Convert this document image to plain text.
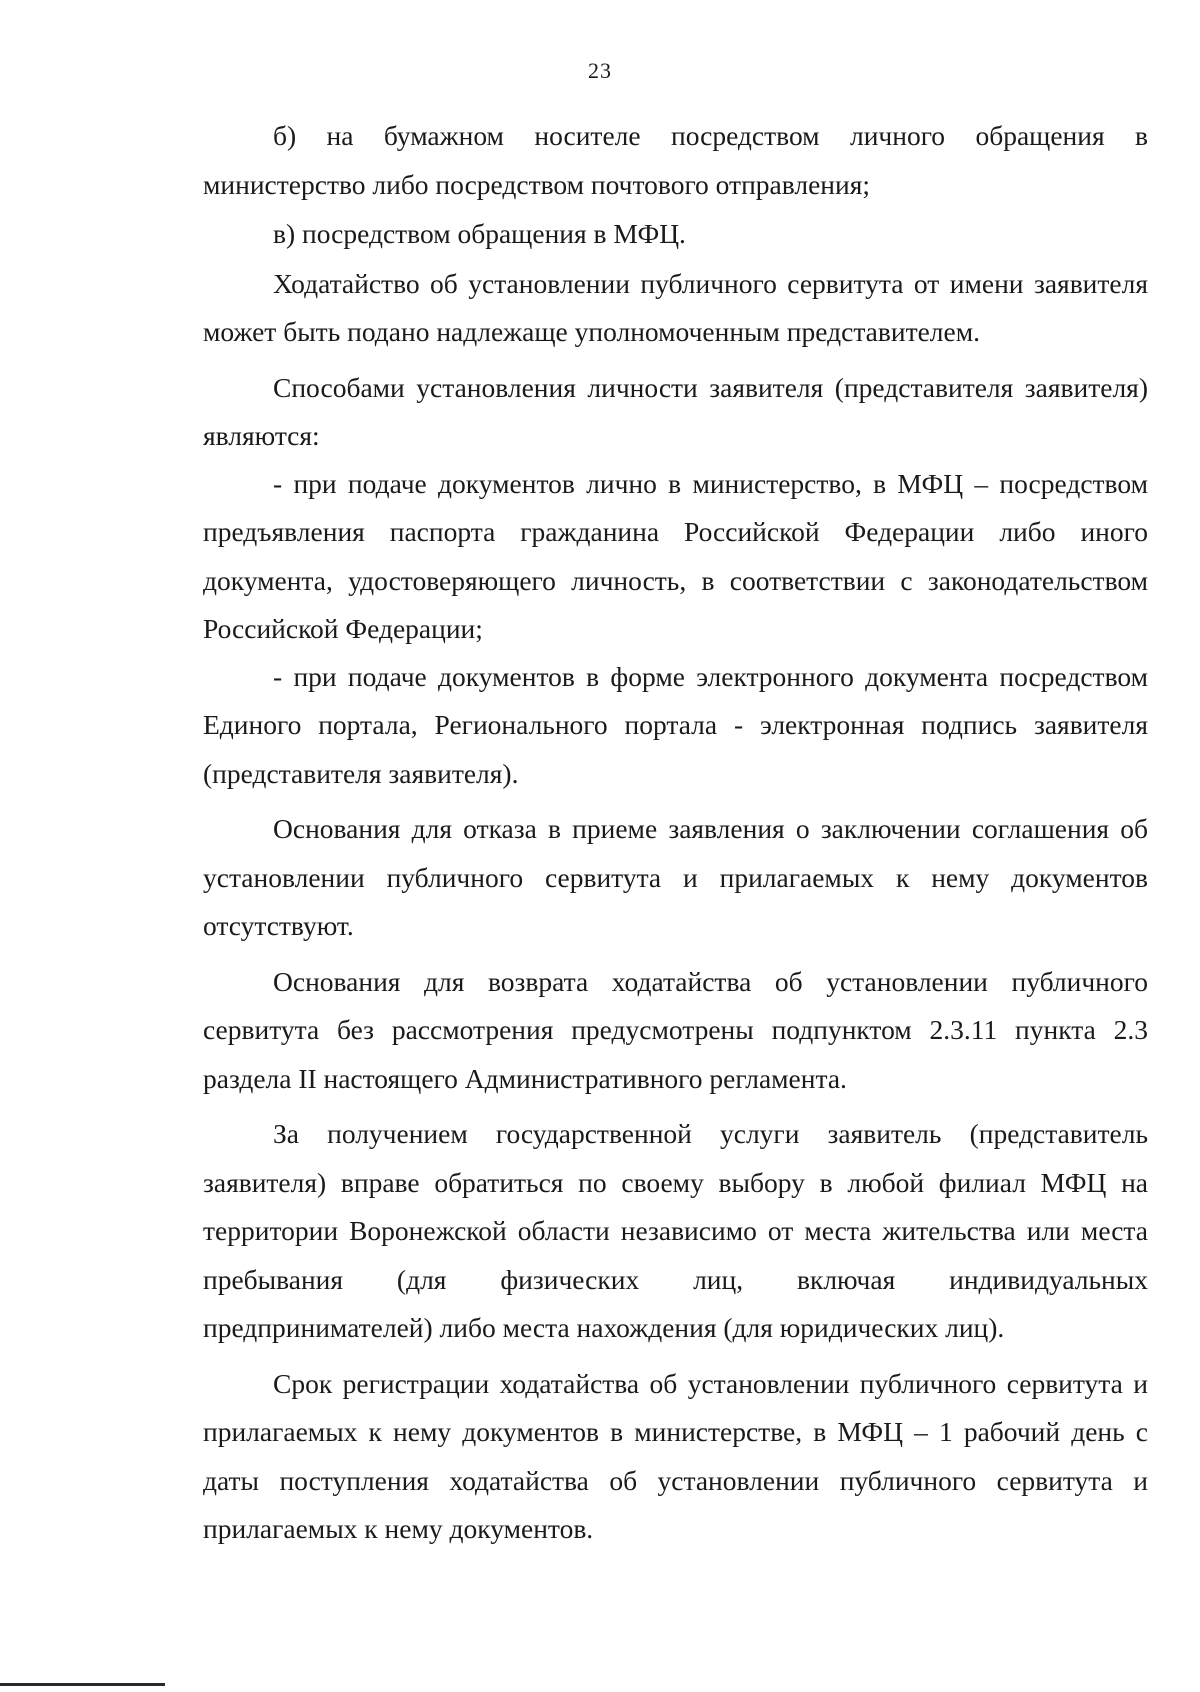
23

б) на бумажном носителе посредством личного обращения в министерство либо посредством почтового отправления;

в) посредством обращения в МФЦ.

Ходатайство об установлении публичного сервитута от имени заявителя может быть подано надлежаще уполномоченным представителем.

Способами установления личности заявителя (представителя заявителя) являются:

- при подаче документов лично в министерство, в МФЦ – посредством предъявления паспорта гражданина Российской Федерации либо иного документа, удостоверяющего личность, в соответствии с законодательством Российской Федерации;

- при подаче документов в форме электронного документа посредством Единого портала, Регионального портала - электронная подпись заявителя (представителя заявителя).

Основания для отказа в приеме заявления о заключении соглашения об установлении публичного сервитута и прилагаемых к нему документов отсутствуют.

Основания для возврата ходатайства об установлении публичного сервитута без рассмотрения предусмотрены подпунктом 2.3.11 пункта 2.3 раздела II настоящего Административного регламента.

За получением государственной услуги заявитель (представитель заявителя) вправе обратиться по своему выбору в любой филиал МФЦ на территории Воронежской области независимо от места жительства или места пребывания (для физических лиц, включая индивидуальных предпринимателей) либо места нахождения (для юридических лиц).

Срок регистрации ходатайства об установлении публичного сервитута и прилагаемых к нему документов в министерстве, в МФЦ – 1 рабочий день с даты поступления ходатайства об установлении публичного сервитута и прилагаемых к нему документов.
